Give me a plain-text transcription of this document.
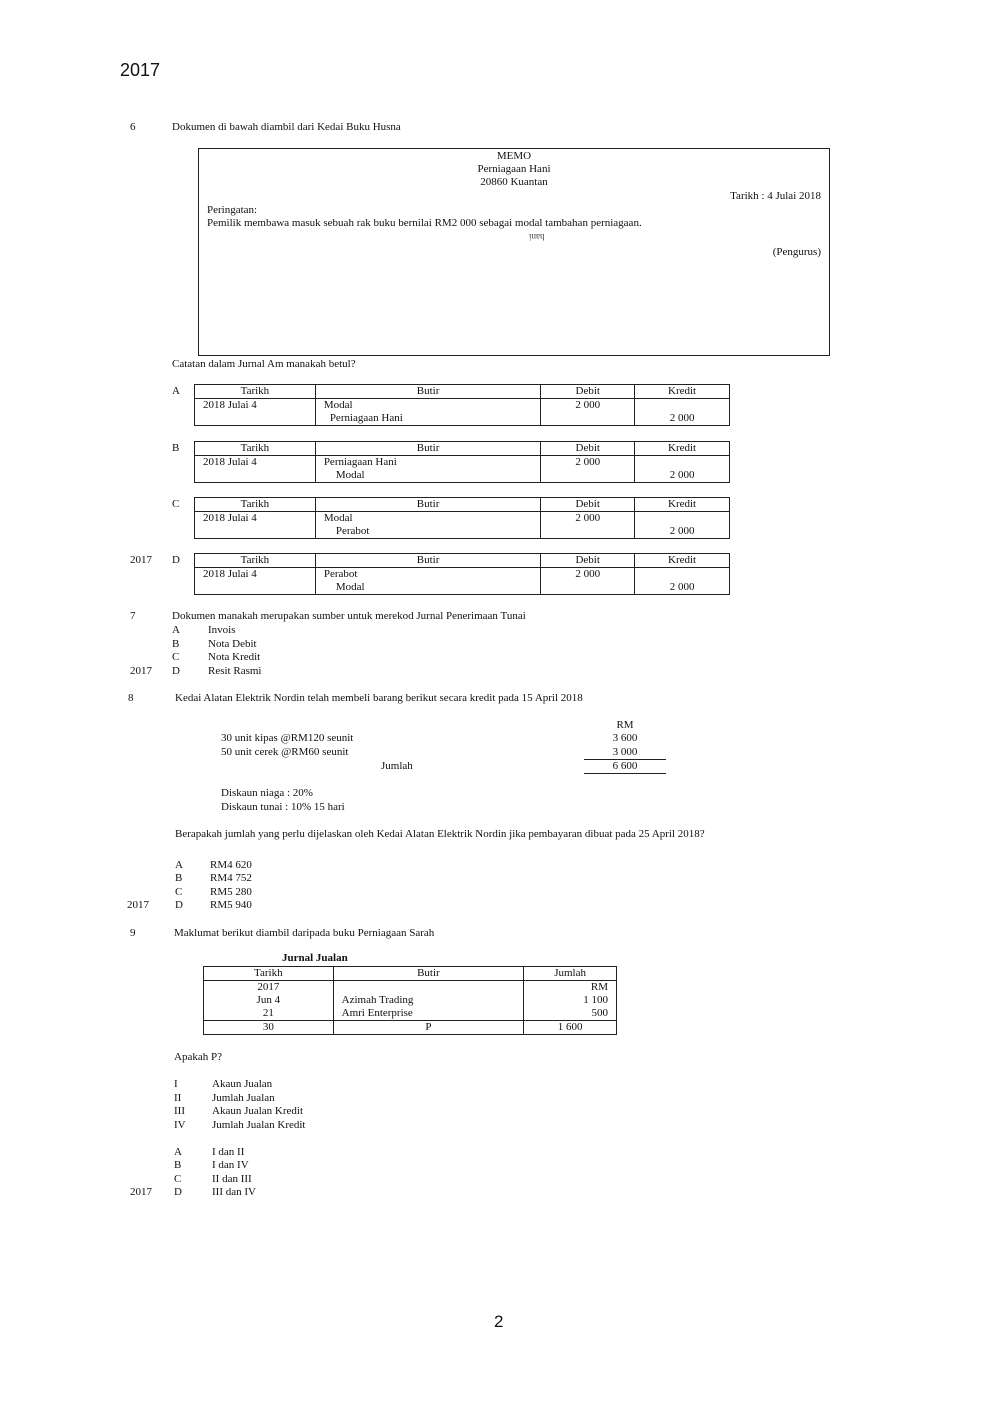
2017
6	Dokumen di bawah diambil dari Kedai Buku Husna
MEMO
Perniagaan Hani
20860 Kuantan
Tarikh : 4 Julai 2018
Peringatan:
Pemilik membawa masuk sebuah rak buku bernilai RM2 000 sebagai modal tambahan perniagaan.
hani
(Pengurus)
Catatan dalam Jurnal Am manakah betul?
A	Tarikh	Butir	Debit	Kredit
2018 Julai 4	Modal	2 000	
	Perniagaan Hani		2 000
B	Tarikh	Butir	Debit	Kredit
2018 Julai 4	Perniagaan Hani	2 000	
	Modal		2 000
C	Tarikh	Butir	Debit	Kredit
2018 Julai 4	Modal	2 000	
	Perabot		2 000
2017 D	Tarikh	Butir	Debit	Kredit
2018 Julai 4	Perabot	2 000	
	Modal		2 000
7	Dokumen manakah merupakan sumber untuk merekod Jurnal Penerimaan Tunai
A	Invois
B	Nota Debit
C	Nota Kredit
2017 D	Resit Rasmi
8	Kedai Alatan Elektrik Nordin telah membeli barang berikut secara kredit pada 15 April 2018
RM
30 unit kipas @RM120 seunit	3 600
50 unit cerek @RM60 seunit	3 000
Jumlah	6 600
Diskaun niaga : 20%
Diskaun tunai : 10% 15 hari
Berapakah jumlah yang perlu dijelaskan oleh Kedai Alatan Elektrik Nordin jika pembayaran dibuat pada 25 April 2018?
A RM4 620
B	RM4 752
C	RM5 280
2017 D RM5 940
9	Maklumat berikut diambil daripada buku Perniagaan Sarah
Jurnal Jualan
Tarikh	Butir	Jumlah
2017		RM
Jun 4	Azimah Trading	1 100
21	Amri Enterprise	500
30	P	1 600
Apakah P?
I	Akaun Jualan
II	Jumlah Jualan
III Akaun Jualan Kredit
IV Jumlah Jualan Kredit
A	I dan II
B	I dan IV
C	II dan III
2017 D	III dan IV
2
